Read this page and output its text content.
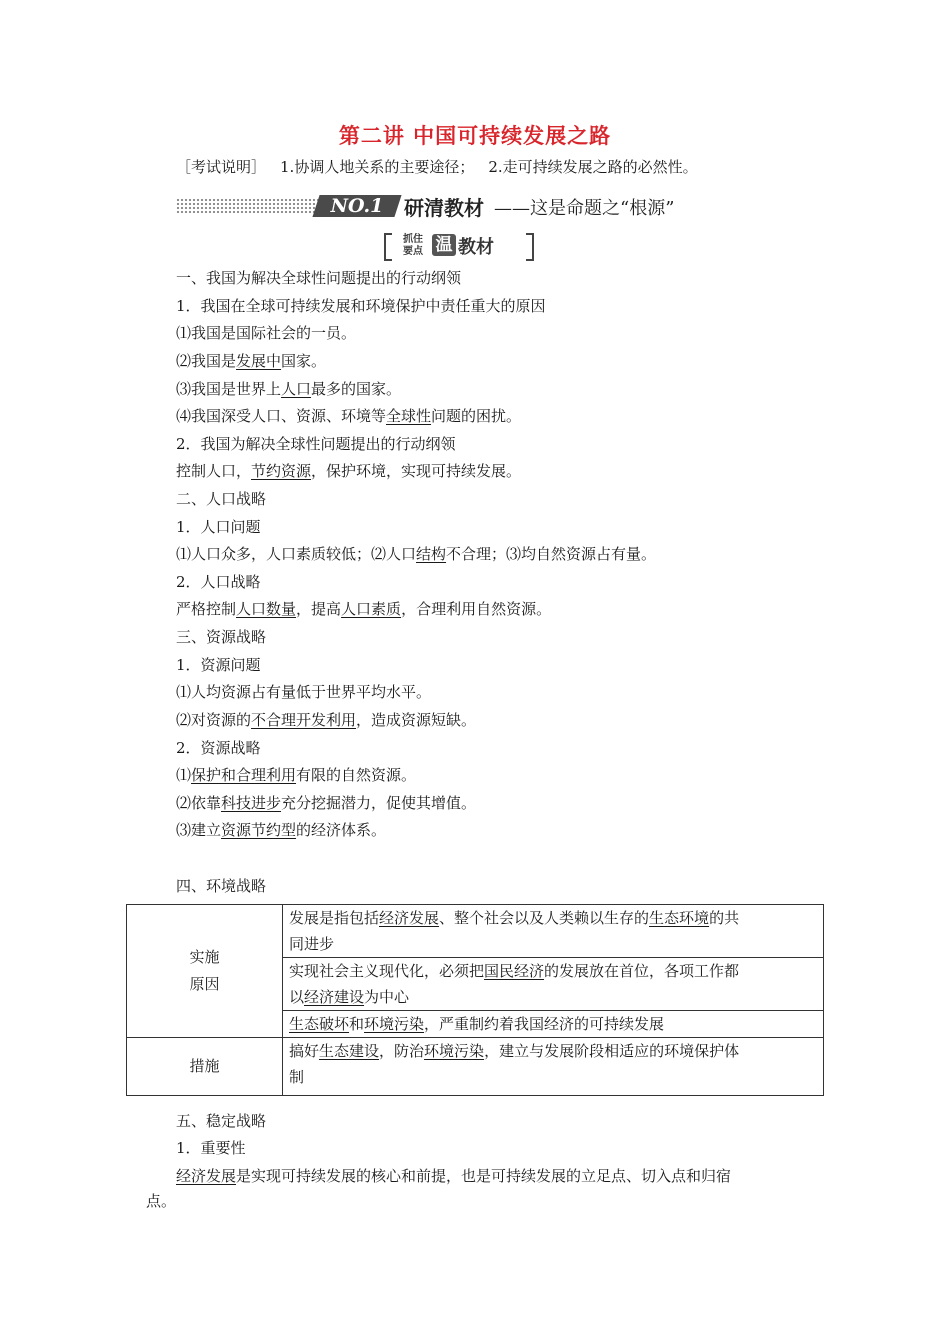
第二讲 中国可持续发展之路
［考试说明］ 1.协调人地关系的主要途径； 2.走可持续发展之路的必然性。
NO.1	研清教材 ——这是命题之“根源”
抓住
要点 温 教材
一、我国为解决全球性问题提出的行动纲领
1．我国在全球可持续发展和环境保护中责任重大的原因
⑴我国是国际社会的一员。
⑵我国是发展中国家。
⑶我国是世界上人口最多的国家。
⑷我国深受人口、资源、环境等全球性问题的困扰。
2．我国为解决全球性问题提出的行动纲领
控制人口，节约资源，保护环境，实现可持续发展。
二、人口战略
1．人口问题
⑴人口众多，人口素质较低；⑵人口结构不合理；⑶均自然资源占有量。
2．人口战略
严格控制人口数量，提高人口素质，合理利用自然资源。
三、资源战略
1．资源问题
⑴人均资源占有量低于世界平均水平。
⑵对资源的不合理开发利用，造成资源短缺。
2．资源战略
⑴保护和合理利用有限的自然资源。
⑵依靠科技进步充分挖掘潜力，促使其增值。
⑶建立资源节约型的经济体系。
四、环境战略
实施
原因	发展是指包括经济发展、整个社会以及人类赖以生存的生态环境的共
同进步
	实现社会主义现代化，必须把国民经济的发展放在首位，各项工作都
以经济建设为中心
	生态破坏和环境污染，严重制约着我国经济的可持续发展
措施	搞好生态建设，防治环境污染，建立与发展阶段相适应的环境保护体
制
五、稳定战略
1．重要性
经济发展是实现可持续发展的核心和前提，也是可持续发展的立足点、切入点和归宿
点。
